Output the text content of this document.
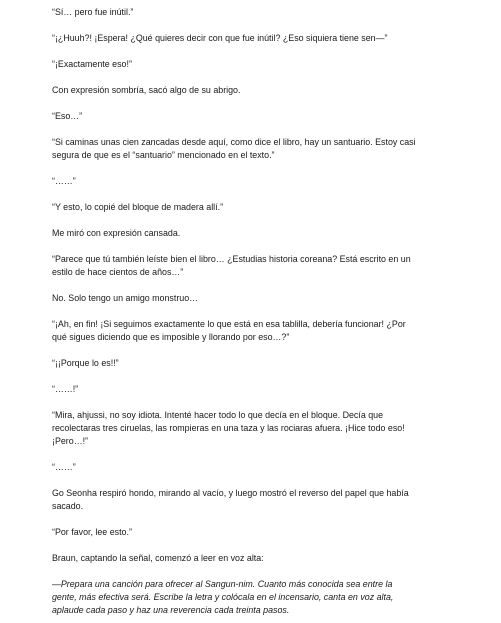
“Sí… pero fue inútil.”

“¡¿Huuh?! ¡Espera! ¿Qué quieres decir con que fue inútil? ¿Eso siquiera tiene sen—”

“¡Exactamente eso!”

Con expresión sombría, sacó algo de su abrigo.

“Eso…”

“Si caminas unas cien zancadas desde aquí, como dice el libro, hay un santuario. Estoy casi
segura de que es el “santuario” mencionado en el texto.”

“……”

“Y esto, lo copié del bloque de madera allí.”

Me miró con expresión cansada.

“Parece que tú también leíste bien el libro… ¿Estudias historia coreana? Está escrito en un
estilo de hace cientos de años…”

No. Solo tengo un amigo monstruo…

“¡Ah, en fin! ¡Si seguimos exactamente lo que está en esa tablilla, debería funcionar! ¿Por
qué sigues diciendo que es imposible y llorando por eso…?”

“¡¡Porque lo es!!”

“……!”

“Mira, ahjussi, no soy idiota. Intenté hacer todo lo que decía en el bloque. Decía que
recolectaras tres ciruelas, las rompieras en una taza y las rociaras afuera. ¡Hice todo eso!
¡Pero…!”

“……”

Go Seonha respiró hondo, mirando al vacío, y luego mostró el reverso del papel que había
sacado.

“Por favor, lee esto.”

Braun, captando la señal, comenzó a leer en voz alta:

—Prepara una canción para ofrecer al Sangun-nim. Cuanto más conocida sea entre la
gente, más efectiva será. Escribe la letra y colócala en el incensario, canta en voz alta,
aplaude cada paso y haz una reverencia cada treinta pasos.
